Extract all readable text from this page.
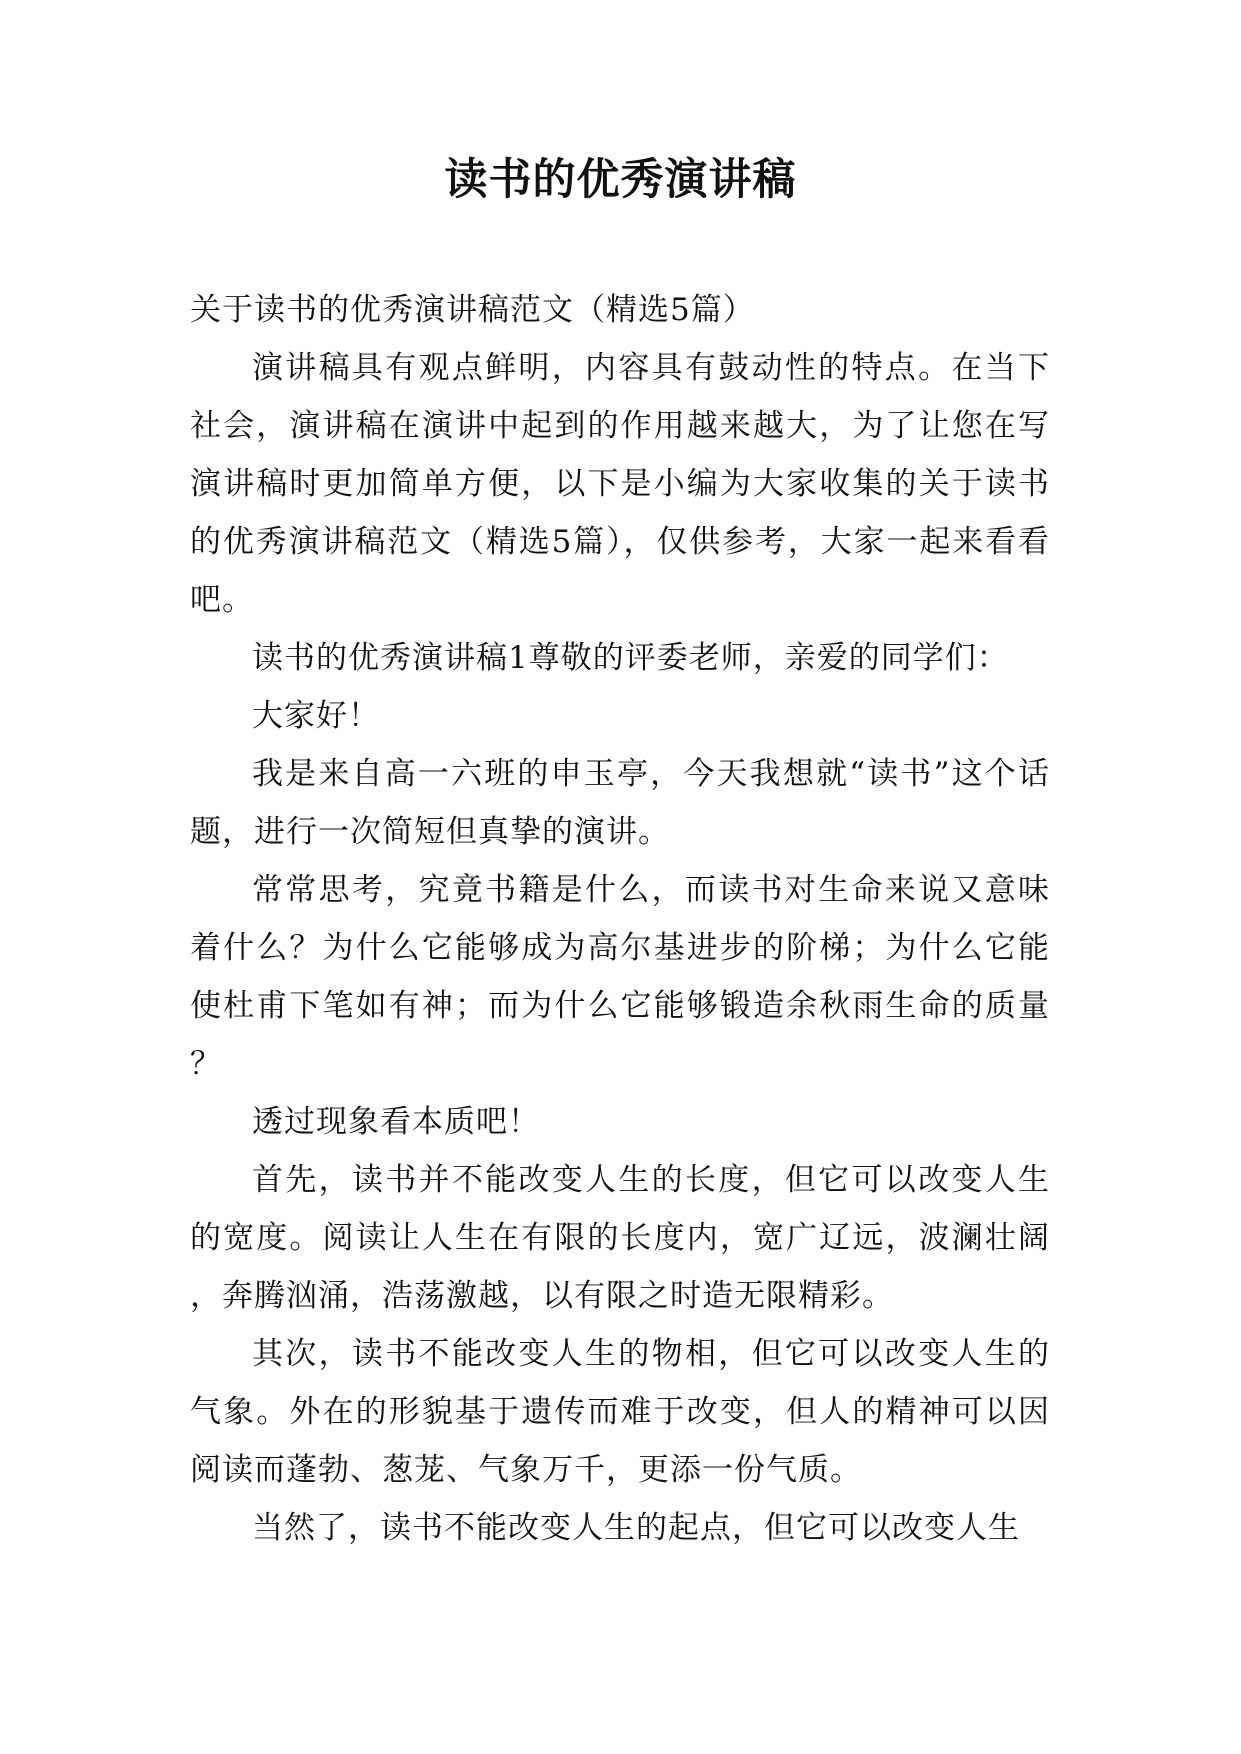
读书的优秀演讲稿

关于读书的优秀演讲稿范文（精选5篇）

演讲稿具有观点鲜明，内容具有鼓动性的特点。在当下社会，演讲稿在演讲中起到的作用越来越大，为了让您在写演讲稿时更加简单方便，以下是小编为大家收集的关于读书的优秀演讲稿范文（精选5篇），仅供参考，大家一起来看看吧。

读书的优秀演讲稿1尊敬的评委老师，亲爱的同学们：

大家好！

我是来自高一六班的申玉亭，今天我想就“读书”这个话题，进行一次简短但真挚的演讲。

常常思考，究竟书籍是什么，而读书对生命来说又意味着什么？为什么它能够成为高尔基进步的阶梯；为什么它能使杜甫下笔如有神；而为什么它能够锻造余秋雨生命的质量？

透过现象看本质吧！

首先，读书并不能改变人生的长度，但它可以改变人生的宽度。阅读让人生在有限的长度内，宽广辽远，波澜壮阔，奔腾汹涌，浩荡激越，以有限之时造无限精彩。

其次，读书不能改变人生的物相，但它可以改变人生的气象。外在的形貌基于遗传而难于改变，但人的精神可以因阅读而蓬勃、葱茏、气象万千，更添一份气质。

当然了，读书不能改变人生的起点，但它可以改变人生
